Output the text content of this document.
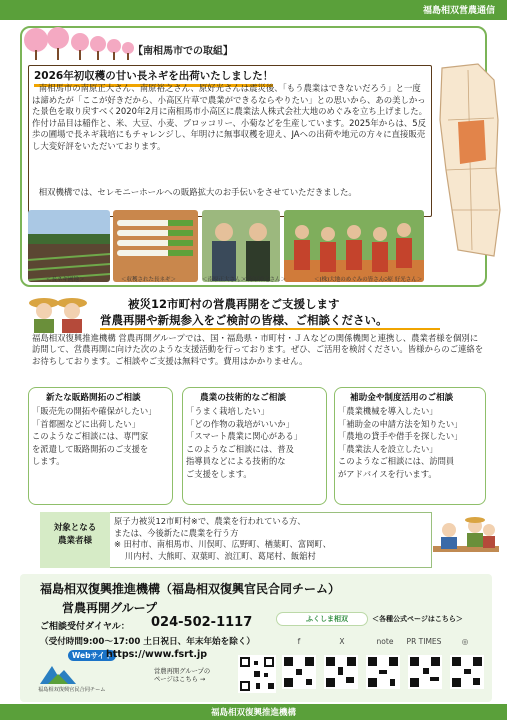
福島相双営農通信
【南相馬市での取組】
2026年初収穫の甘い長ネギを出荷いたしました！
南相馬市の南原正大さん、南原裕之さん、原好光さんは震災後、「もう農業はできないだろう」と一度は諦めたが「ここが好きだから、小高区片草で農業ができるならやりたい」との思いから、あの美しかった景色を取り戻すべく2020年2月に南相馬市小高区に農業法人株式会社大地のめぐみを立ち上げました。作付け品目は稲作と、米、大豆、小麦、ブロッコリー、小菊などを生産しています。2025年からは、5反歩の圃場で長ネギ栽培にもチャレンジし、年明けに無事収穫を迎え、JAへの出荷や地元の方々に直接販売し大変好評をいただいております。
相双機構では、セレモニーホールへの販路拡大のお手伝いをさせていただきました。
＜長ネギ圃地＞	＜収穫された長ネギ＞	＜南原正大さん＞
＜南原裕之さん＞	＜(株)大地のめぐみの皆さん＞
＜原 好光さん＞
被災12市町村の営農再開をご支援します
営農再開や新規参入をご検討の皆様、ご相談ください。
福島相双復興推進機構 営農再開グループでは、国・福島県・市町村・ＪＡなどの関係機関と連携し、農業者様を個別に訪問して、営農再開に向けた次のような支援活動を行っております。ぜひ、ご活用を検討ください。皆様からのご連絡をお待ちしております。ご相談やご支援は無料です。費用はかかりません。
新たな販路開拓のご相談
「販売先の開拓や確保がしたい」
「首都圏などに出荷したい」
このようなご相談には、専門家
を派遣して販路開拓のご支援を
します。
農業の技術的なご相談
「うまく栽培したい」
「どの作物の栽培がいいか」
「スマート農業に関心がある」
このようなご相談には、普及
指導員などによる技術的な
ご支援をします。
補助金や制度活用のご相談
「農業機械を導入したい」
「補助金の申請方法を知りたい」
「農地の貸手や借手を探したい」
「農業法人を設立したい」
このようなご相談には、訪問員
がアドバイスを行います。
対象となる
農業者様
原子力被災12市町村※で、農業を行われている方、
または、今後新たに農業を行う方
※ 田村市、南相馬市、川俣町、広野町、楢葉町、富岡町、
　 川内村、大熊町、双葉町、浪江町、葛尾村、飯舘村
福島相双復興推進機構（福島相双復興官民合同チーム）
営農再開グループ
ご相談受付ダイヤル： 024-502-1117
（受付時間9:00～17:00 土日祝日、年末年始を除く）
Webサイト
https://www.fsrt.jp
福島相双復興官民合同チーム
営農再開グループの
ページはこちら →
ふくしま相双	＜各種公式ページはこちら＞
f	X	note	PR TIMES	◎
福島相双復興推進機構
